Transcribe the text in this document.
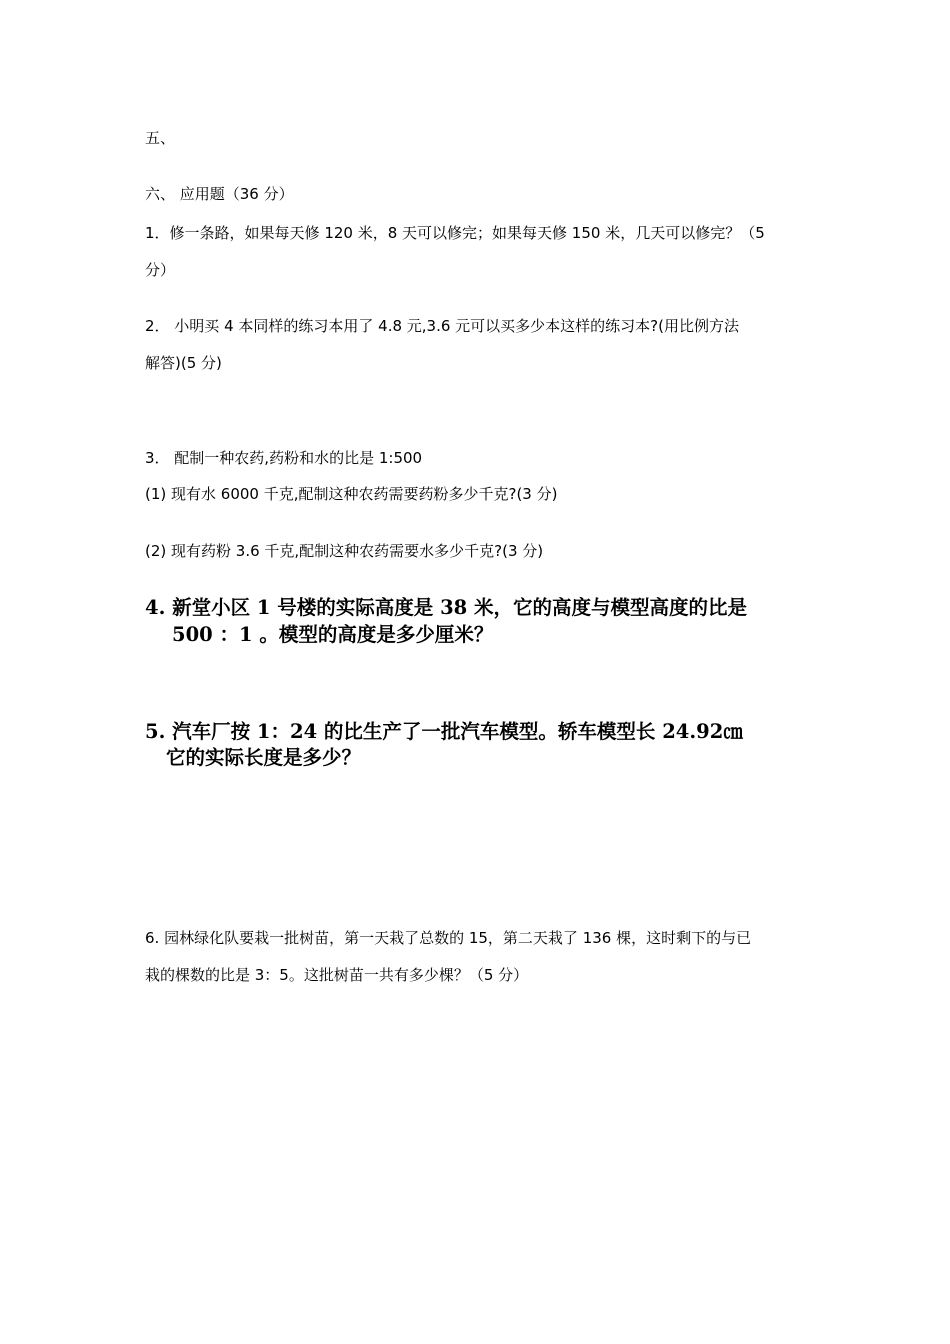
五、
六、 应用题（36 分）
1．修一条路，如果每天修 120 米，8 天可以修完；如果每天修 150 米，几天可以修完？（5
分）
2． 小明买 4 本同样的练习本用了 4.8 元,3.6 元可以买多少本这样的练习本?(用比例方法
解答)(5 分)
3． 配制一种农药,药粉和水的比是 1:500
(1) 现有水 6000 千克,配制这种农药需要药粉多少千克?(3 分)
(2) 现有药粉 3.6 千克,配制这种农药需要水多少千克?(3 分)
4. 新堂小区 1 号楼的实际高度是 38 米，它的高度与模型高度的比是
500 ：1 。模型的高度是多少厘米？
5. 汽车厂按 1：24 的比生产了一批汽车模型。轿车模型长 24.92㎝
它的实际长度是多少？
6. 园林绿化队要栽一批树苗，第一天栽了总数的 15，第二天栽了 136 棵，这时剩下的与已
栽的棵数的比是 3：5。这批树苗一共有多少棵？（5 分）
